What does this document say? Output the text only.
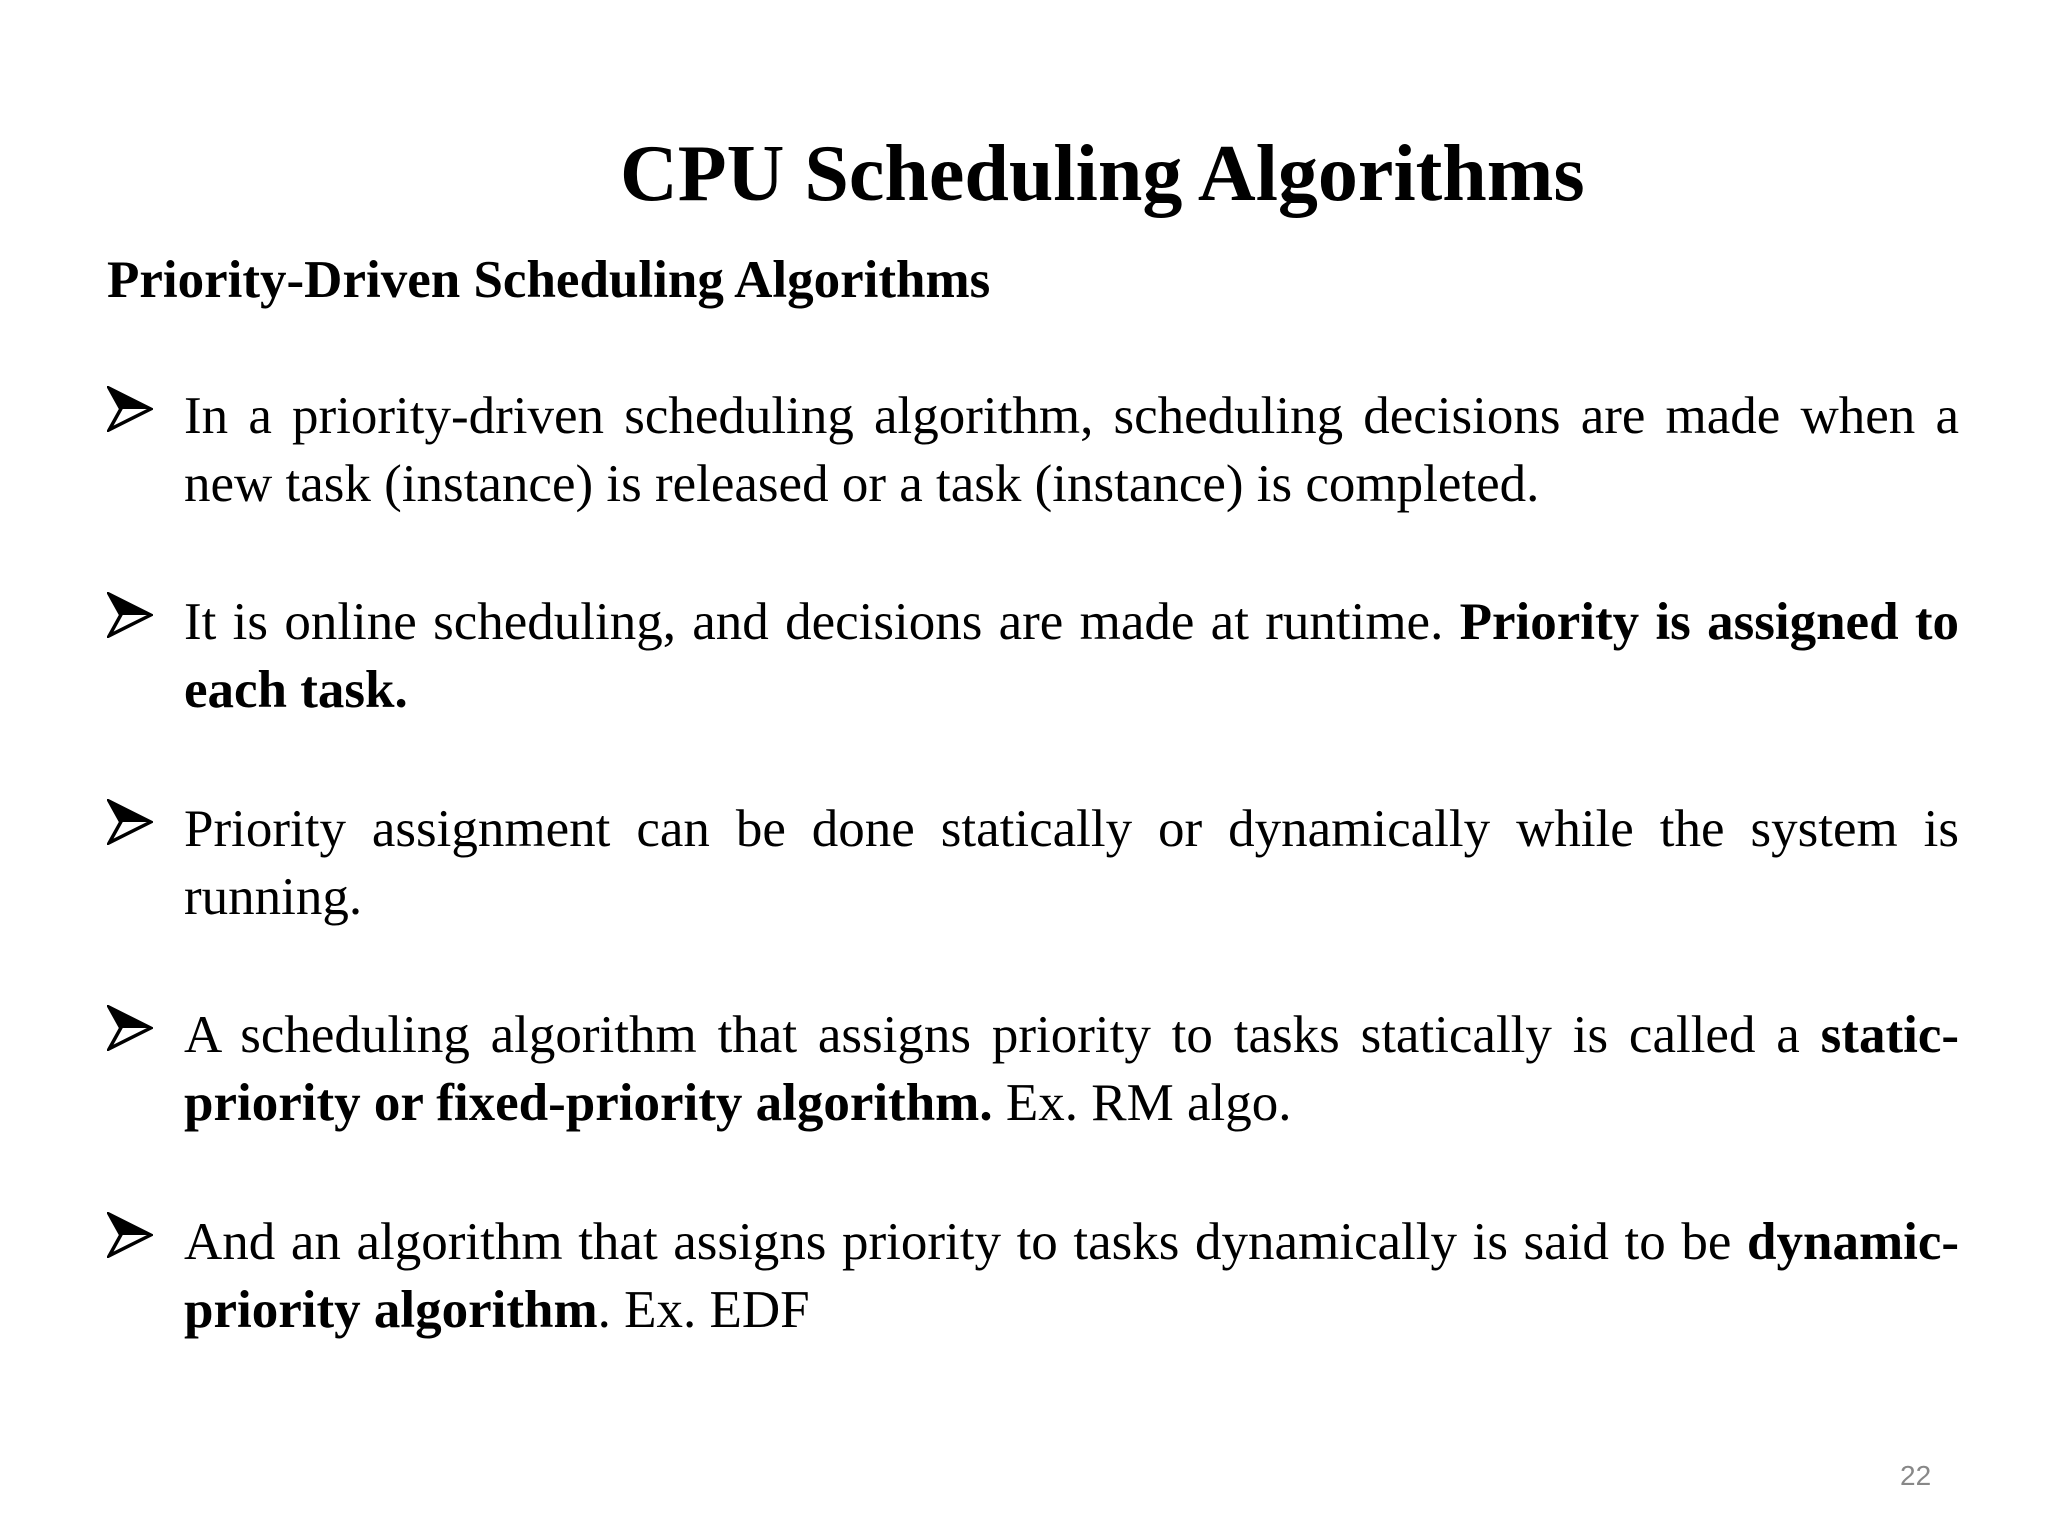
CPU Scheduling Algorithms
Priority-Driven Scheduling Algorithms
In a priority-driven scheduling algorithm, scheduling decisions are made when a new task (instance) is released or a task (instance) is completed.
It is online scheduling, and decisions are made at runtime. Priority is assigned to each task.
Priority assignment can be done statically or dynamically while the system is running.
A scheduling algorithm that assigns priority to tasks statically is called a static-priority or fixed-priority algorithm. Ex. RM algo.
And an algorithm that assigns priority to tasks dynamically is said to be dynamic-priority algorithm. Ex. EDF
22
